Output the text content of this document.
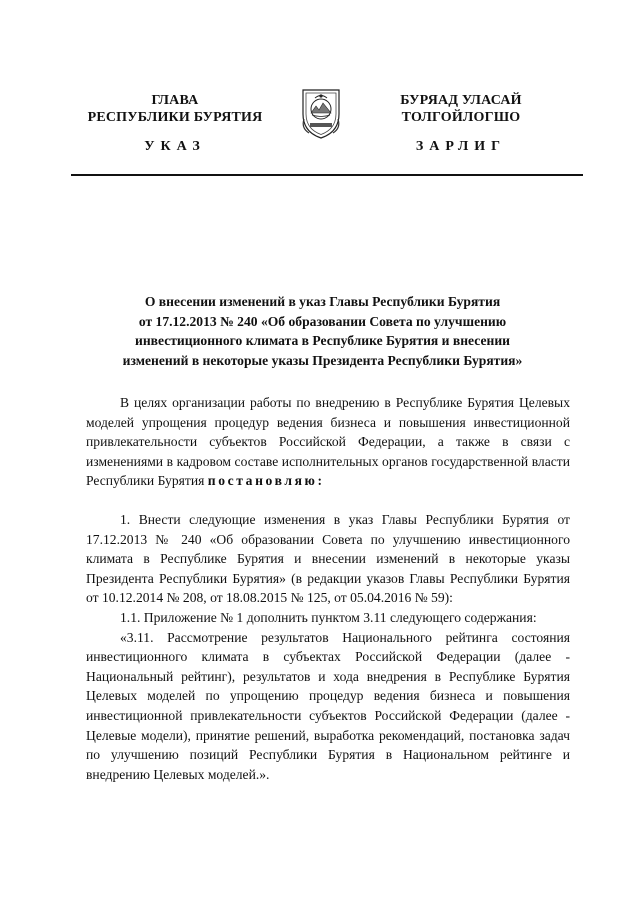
ГЛАВА
РЕСПУБЛИКИ БУРЯТИЯ
БУРЯАД УЛАСАЙ
ТОЛГОЙЛОГШО
УКАЗ	ЗАРЛИГ
О внесении изменений в указ Главы Республики Бурятия
от 17.12.2013 № 240 «Об образовании Совета по улучшению
инвестиционного климата в Республике Бурятия и внесении
изменений в некоторые указы Президента Республики Бурятия»

В целях организации работы по внедрению в Республике Бурятия Целевых моделей упрощения процедур ведения бизнеса и повышения инвестиционной привлекательности субъектов Российской Федерации, а также в связи с изменениями в кадровом составе исполнительных органов государственной власти Республики Бурятия постановляю:

1. Внести следующие изменения в указ Главы Республики Бурятия от 17.12.2013 № 240 «Об образовании Совета по улучшению инвестиционного климата в Республике Бурятия и внесении изменений в некоторые указы Президента Республики Бурятия» (в редакции указов Главы Республики Бурятия от 10.12.2014 № 208, от 18.08.2015 № 125, от 05.04.2016 № 59):

1.1. Приложение № 1 дополнить пунктом 3.11 следующего содержания:

«3.11. Рассмотрение результатов Национального рейтинга состояния инвестиционного климата в субъектах Российской Федерации (далее - Национальный рейтинг), результатов и хода внедрения в Республике Бурятия Целевых моделей по упрощению процедур ведения бизнеса и повышения инвестиционной привлекательности субъектов Российской Федерации (далее - Целевые модели), принятие решений, выработка рекомендаций, постановка задач по улучшению позиций Республики Бурятия в Национальном рейтинге и внедрению Целевых моделей.».
